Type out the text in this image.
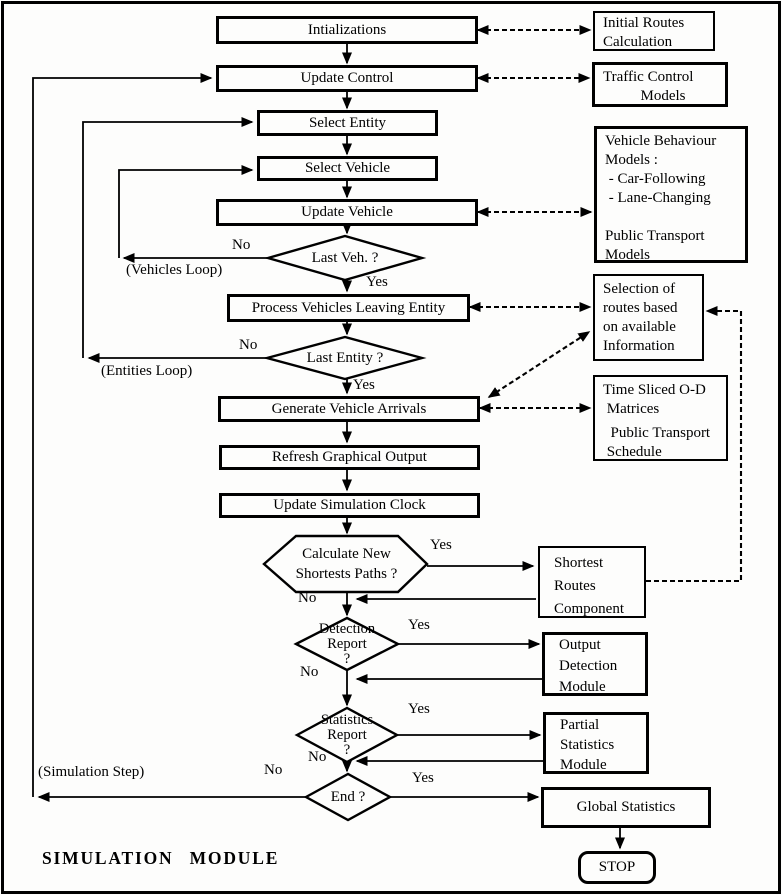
Intializations
Update Control
Select Entity
Select Vehicle
Update Vehicle
Process Vehicles Leaving Entity
Generate Vehicle Arrivals
Refresh Graphical Output
Update Simulation Clock
Global Statistics
STOP
Last Veh. ?
Last Entity ?
Calculate New
Shortests Paths ?
Detection
Report
?
Statistics
Report
?
End ?
Initial Routes
Calculation
Traffic Control
Models
Vehicle Behaviour
Models :
- Car-Following
- Lane-Changing
Public Transport
Models
Selection of
routes based
on available
Information
Time Sliced O-D
Matrices
Public Transport
Schedule
Shortest
Routes
Component
Output
Detection
Module
Partial
Statistics
Module
No
(Vehicles Loop)
Yes
No
(Entities Loop)
Yes
Yes
No
Yes
No
Yes
No
No	Yes
(Simulation Step)
SIMULATION MODULE
